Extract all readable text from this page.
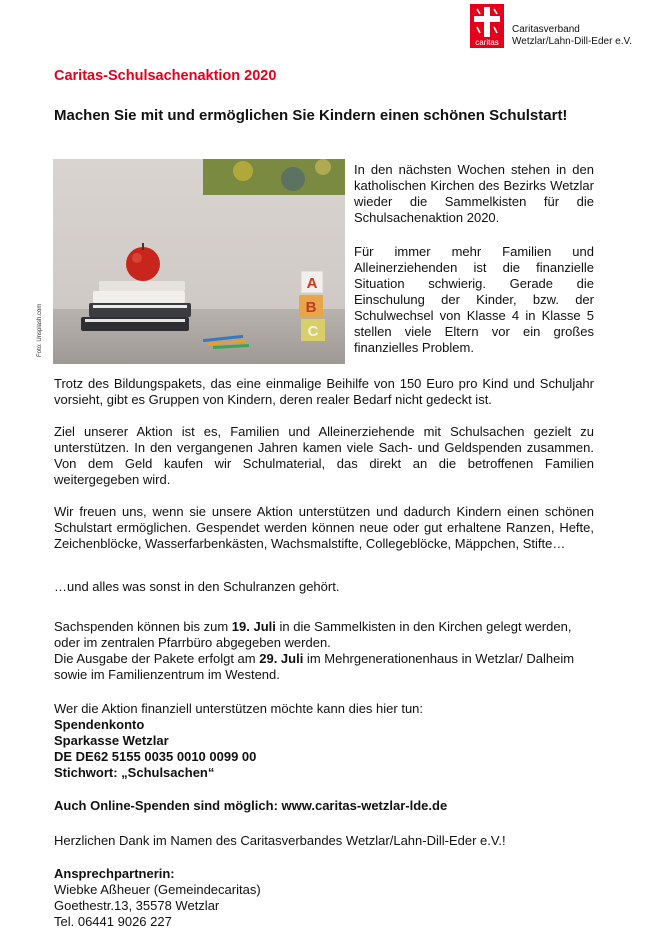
caritas
Caritasverband
Wetzlar/Lahn-Dill-Eder e.V.
Caritas-Schulsachenaktion 2020
Machen Sie mit und ermöglichen Sie Kindern einen schönen Schulstart!
A
B
C
Foto: Unsplash.com

In den nächsten Wochen stehen in den katholischen Kirchen des Bezirks Wetzlar wieder die Sammelkisten für die Schulsachenaktion 2020.

Für immer mehr Familien und Alleinerziehenden ist die finanzielle Situation schwierig. Gerade die Einschulung der Kinder, bzw. der Schulwechsel von Klasse 4 in Klasse 5 stellen viele Eltern vor ein großes finanzielles Problem.

Trotz des Bildungspakets, das eine einmalige Beihilfe von 150 Euro pro Kind und Schuljahr vorsieht, gibt es Gruppen von Kindern, deren realer Bedarf nicht gedeckt ist.

Ziel unserer Aktion ist es, Familien und Alleinerziehende mit Schulsachen gezielt zu unterstützen. In den vergangenen Jahren kamen viele Sach- und Geldspenden zusammen. Von dem Geld kaufen wir Schulmaterial, das direkt an die betroffenen Familien weitergegeben wird.

Wir freuen uns, wenn sie unsere Aktion unterstützen und dadurch Kindern einen schönen Schulstart ermöglichen. Gespendet werden können neue oder gut erhaltene Ranzen, Hefte, Zeichenblöcke, Wasserfarbenkästen, Wachsmalstifte, Collegeblöcke, Mäppchen, Stifte…

…und alles was sonst in den Schulranzen gehört.

Sachspenden können bis zum 19. Juli in die Sammelkisten in den Kirchen gelegt werden, oder im zentralen Pfarrbüro abgegeben werden.
Die Ausgabe der Pakete erfolgt am 29. Juli im Mehrgenerationenhaus in Wetzlar/ Dalheim sowie im Familienzentrum im Westend.

Wer die Aktion finanziell unterstützen möchte kann dies hier tun:
Spendenkonto
Sparkasse Wetzlar
DE DE62 5155 0035 0010 0099 00
Stichwort: „Schulsachen“

Auch Online-Spenden sind möglich: www.caritas-wetzlar-lde.de

Herzlichen Dank im Namen des Caritasverbandes Wetzlar/Lahn-Dill-Eder e.V.!

Ansprechpartnerin:
Wiebke Aßheuer (Gemeindecaritas)
Goethestr.13, 35578 Wetzlar
Tel. 06441 9026 227
